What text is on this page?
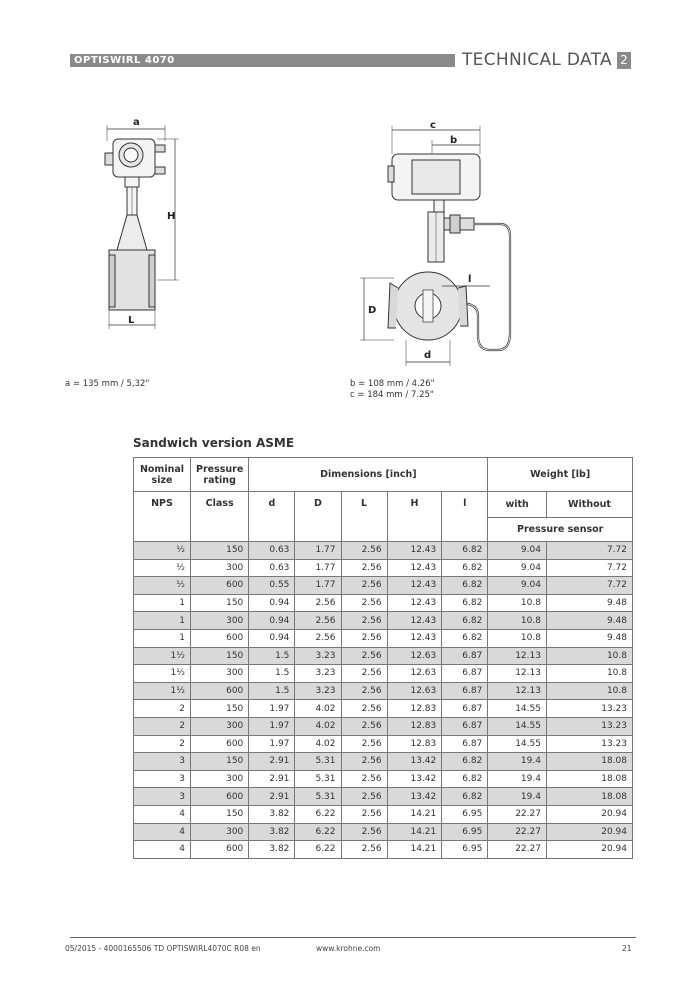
OPTISWIRL 4070	TECHNICAL DATA 2
a
H
L
c
b
l
D
d
a = 135 mm / 5,32"	b = 108 mm / 4.26"
c = 184 mm / 7.25"
Sandwich version ASME
Nominal size	Pressure rating	Dimensions [inch]					Weight [lb]	
NPS	Class	d	D	L	H	l	with	Without
							Pressure sensor	
½	150	0.63	1.77	2.56	12.43	6.82	9.04	7.72
½	300	0.63	1.77	2.56	12.43	6.82	9.04	7.72
½	600	0.55	1.77	2.56	12.43	6.82	9.04	7.72
1	150	0.94	2.56	2.56	12.43	6.82	10.8	9.48
1	300	0.94	2.56	2.56	12.43	6.82	10.8	9.48
1	600	0.94	2.56	2.56	12.43	6.82	10.8	9.48
1½	150	1.5	3.23	2.56	12.63	6.87	12.13	10.8
1½	300	1.5	3.23	2.56	12.63	6.87	12.13	10.8
1½	600	1.5	3.23	2.56	12.63	6.87	12.13	10.8
2	150	1.97	4.02	2.56	12.83	6.87	14.55	13.23
2	300	1.97	4.02	2.56	12.83	6.87	14.55	13.23
2	600	1.97	4.02	2.56	12.83	6.87	14.55	13.23
3	150	2.91	5.31	2.56	13.42	6.82	19.4	18.08
3	300	2.91	5.31	2.56	13.42	6.82	19.4	18.08
3	600	2.91	5.31	2.56	13.42	6.82	19.4	18.08
4	150	3.82	6.22	2.56	14.21	6.95	22.27	20.94
4	300	3.82	6.22	2.56	14.21	6.95	22.27	20.94
4	600	3.82	6.22	2.56	14.21	6.95	22.27	20.94
05/2015 - 4000165506 TD OPTISWIRL4070C R08 en	www.krohne.com	21
